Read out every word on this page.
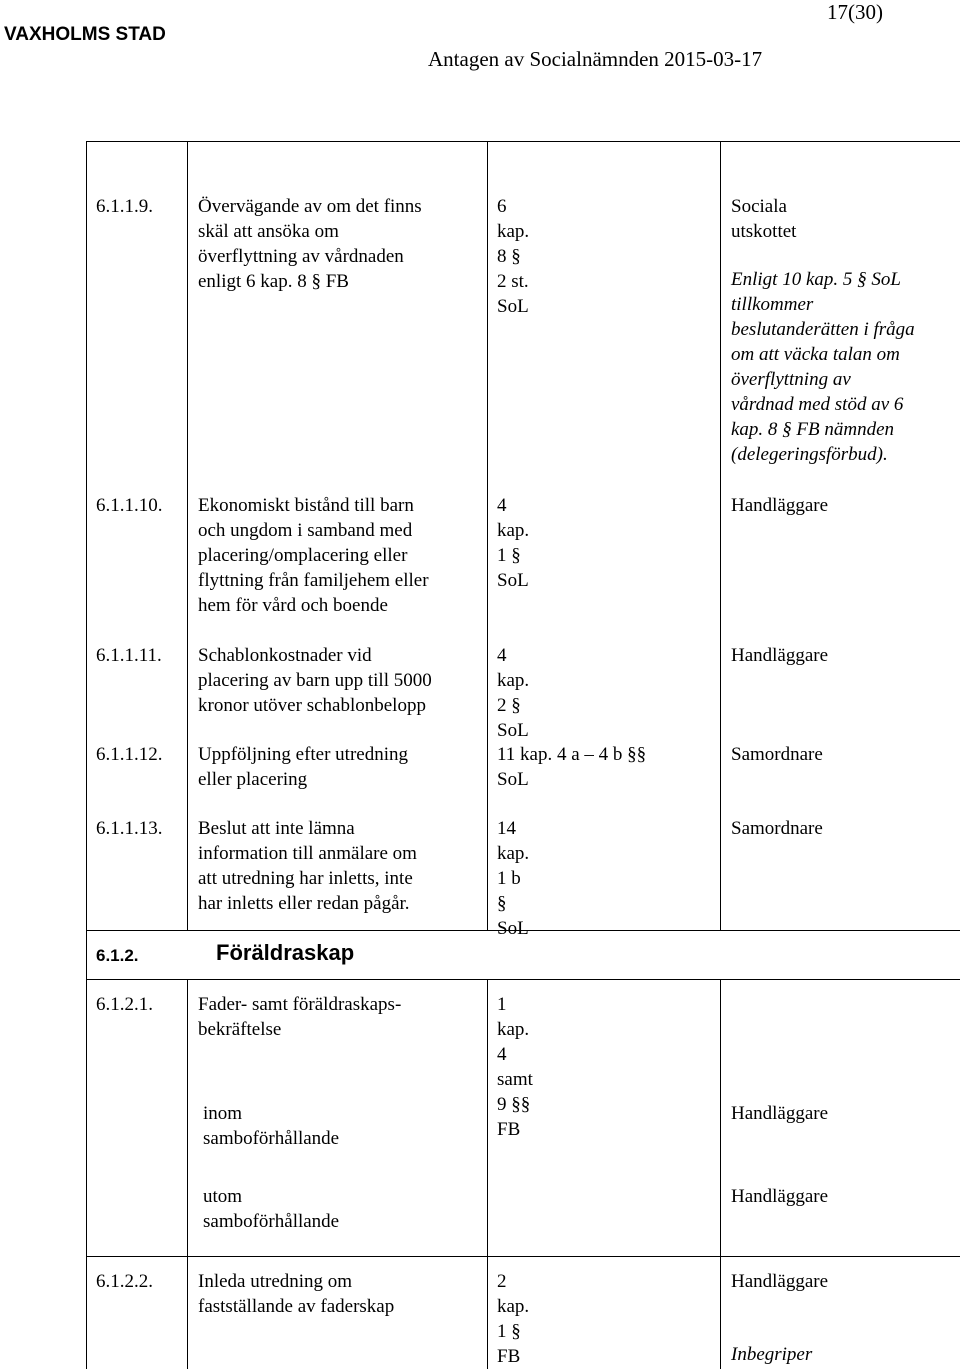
VAXHOLMS STAD
17(30)
Antagen av Socialnämnden 2015-03-17
6.1.1.9. Övervägande av om det finns
skäl att ansöka om
överflyttning av vårdnaden
enligt 6 kap. 8 § FB
6 kap. 8 § 2 st. SoL
Sociala utskottet
Enligt 10 kap. 5 § SoL
tillkommer
beslutanderätten i fråga
om att väcka talan om
överflyttning av
vårdnad med stöd av 6
kap. 8 § FB nämnden
(delegeringsförbud).
6.1.1.10. Ekonomiskt bistånd till barn
och ungdom i samband med
placering/omplacering eller
flyttning från familjehem eller
hem för vård och boende
4 kap. 1 § SoL
Handläggare
6.1.1.11. Schablonkostnader vid
placering av barn upp till 5000
kronor utöver schablonbelopp
4 kap. 2 § SoL
Handläggare
6.1.1.12. Uppföljning efter utredning
eller placering
11 kap. 4 a – 4 b §§
SoL
Samordnare
6.1.1.13. Beslut att inte lämna
information till anmälare om
att utredning har inletts, inte
har inletts eller redan pågår.
14 kap. 1 b § SoL
Samordnare
6.1.2.	Föräldraskap
6.1.2.1. Fader- samt föräldraskaps-
bekräftelse
1 kap. 4 samt 9 §§ FB
inom samboförhållande
Handläggare
utom samboförhållande
Handläggare
6.1.2.2. Inleda utredning om
fastställande av faderskap
2 kap. 1 § FB
Handläggare
Inbegriper
